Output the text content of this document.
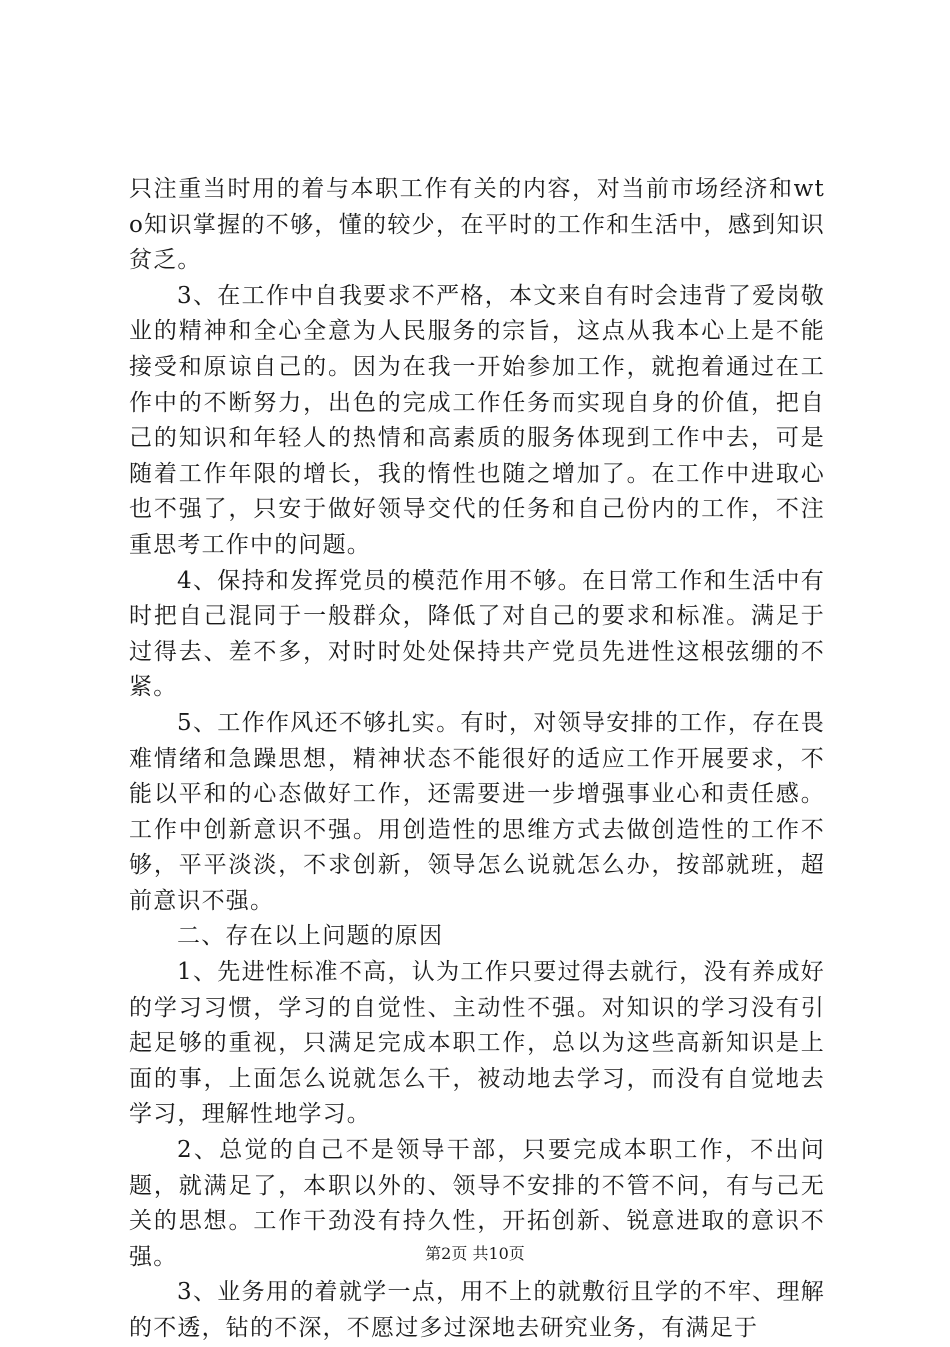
只注重当时用的着与本职工作有关的内容，对当前市场经济和wto知识掌握的不够，懂的较少，在平时的工作和生活中，感到知识贫乏。

3、在工作中自我要求不严格，本文来自有时会违背了爱岗敬业的精神和全心全意为人民服务的宗旨，这点从我本心上是不能接受和原谅自己的。因为在我一开始参加工作，就抱着通过在工作中的不断努力，出色的完成工作任务而实现自身的价值，把自己的知识和年轻人的热情和高素质的服务体现到工作中去，可是随着工作年限的增长，我的惰性也随之增加了。在工作中进取心也不强了，只安于做好领导交代的任务和自己份内的工作，不注重思考工作中的问题。

4、保持和发挥党员的模范作用不够。在日常工作和生活中有时把自己混同于一般群众，降低了对自己的要求和标准。满足于过得去、差不多，对时时处处保持共产党员先进性这根弦绷的不紧。

5、工作作风还不够扎实。有时，对领导安排的工作，存在畏难情绪和急躁思想，精神状态不能很好的适应工作开展要求，不能以平和的心态做好工作，还需要进一步增强事业心和责任感。工作中创新意识不强。用创造性的思维方式去做创造性的工作不够，平平淡淡，不求创新，领导怎么说就怎么办，按部就班，超前意识不强。

二、存在以上问题的原因

1、先进性标准不高，认为工作只要过得去就行，没有养成好的学习习惯，学习的自觉性、主动性不强。对知识的学习没有引起足够的重视，只满足完成本职工作，总以为这些高新知识是上面的事，上面怎么说就怎么干，被动地去学习，而没有自觉地去学习，理解性地学习。

2、总觉的自己不是领导干部，只要完成本职工作，不出问题，就满足了，本职以外的、领导不安排的不管不问，有与己无关的思想。工作干劲没有持久性，开拓创新、锐意进取的意识不强。

3、业务用的着就学一点，用不上的就敷衍且学的不牢、理解的不透，钻的不深，不愿过多过深地去研究业务，有满足于

第2页 共10页
